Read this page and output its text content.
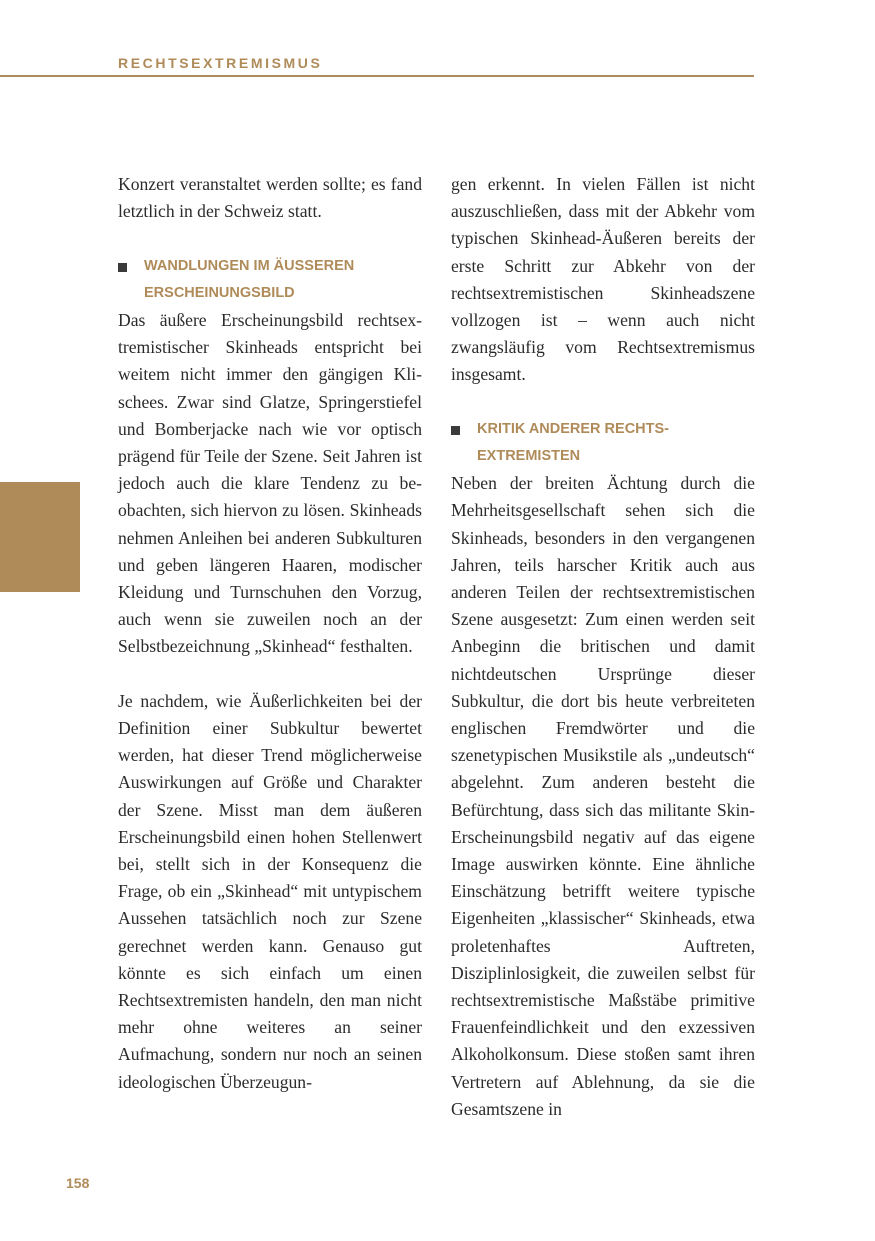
RECHTSEXTREMISMUS

Konzert veranstaltet werden sollte; es fand letztlich in der Schweiz statt.

WANDLUNGEN IM ÄUSSEREN
ERSCHEINUNGSBILD

Das äußere Erscheinungsbild rechtsextremistischer Skinheads entspricht bei weitem nicht immer den gängigen Klischees. Zwar sind Glatze, Springerstiefel und Bomberjacke nach wie vor optisch prägend für Teile der Szene. Seit Jahren ist jedoch auch die klare Tendenz zu beobachten, sich hiervon zu lösen. Skinheads nehmen Anleihen bei anderen Subkulturen und geben längeren Haaren, modischer Kleidung und Turnschuhen den Vorzug, auch wenn sie zuweilen noch an der Selbstbezeichnung „Skinhead“ festhalten.

Je nachdem, wie Äußerlichkeiten bei der Definition einer Subkultur bewertet werden, hat dieser Trend möglicherweise Auswirkungen auf Größe und Charakter der Szene. Misst man dem äußeren Erscheinungsbild einen hohen Stellenwert bei, stellt sich in der Konsequenz die Frage, ob ein „Skinhead“ mit untypischem Aussehen tatsächlich noch zur Szene gerechnet werden kann. Genauso gut könnte es sich einfach um einen Rechtsextremisten handeln, den man nicht mehr ohne weiteres an seiner Aufmachung, sondern nur noch an seinen ideologischen Überzeugun-

gen erkennt. In vielen Fällen ist nicht auszuschließen, dass mit der Abkehr vom typischen Skinhead-Äußeren bereits der erste Schritt zur Abkehr von der rechtsextremistischen Skinheadszene vollzogen ist – wenn auch nicht zwangsläufig vom Rechtsextremismus insgesamt.

KRITIK ANDERER RECHTS-
EXTREMISTEN

Neben der breiten Ächtung durch die Mehrheitsgesellschaft sehen sich die Skinheads, besonders in den vergangenen Jahren, teils harscher Kritik auch aus anderen Teilen der rechtsextremistischen Szene ausgesetzt: Zum einen werden seit Anbeginn die britischen und damit nichtdeutschen Ursprünge dieser Subkultur, die dort bis heute verbreiteten englischen Fremdwörter und die szenetypischen Musikstile als „undeutsch“ abgelehnt. Zum anderen besteht die Befürchtung, dass sich das militante Skin-Erscheinungsbild negativ auf das eigene Image auswirken könnte. Eine ähnliche Einschätzung betrifft weitere typische Eigenheiten „klassischer“ Skinheads, etwa proletenhaftes Auftreten, Disziplinlosigkeit, die zuweilen selbst für rechtsextremistische Maßstäbe primitive Frauenfeindlichkeit und den exzessiven Alkoholkonsum. Diese stoßen samt ihren Vertretern auf Ablehnung, da sie die Gesamtszene in

158
